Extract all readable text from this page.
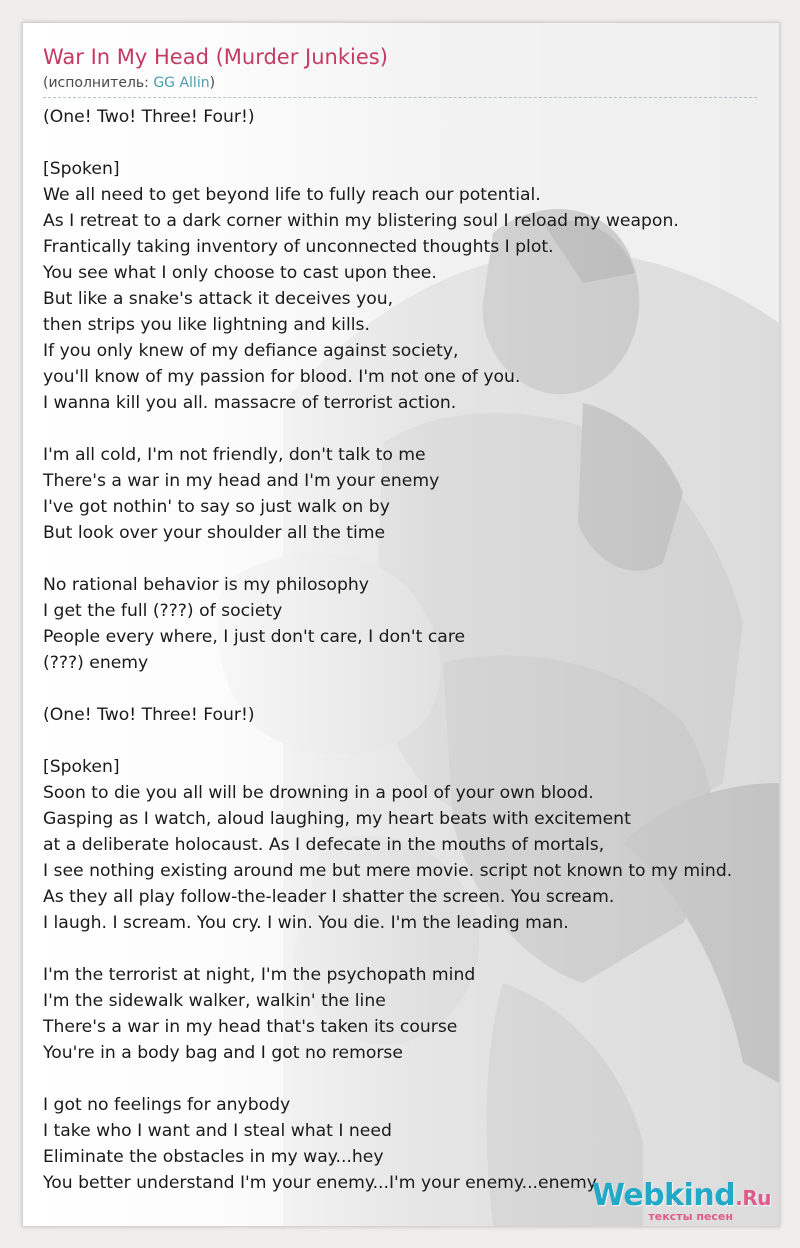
War In My Head (Murder Junkies)
(исполнитель: GG Allin)
(One! Two! Three! Four!)
[Spoken]
We all need to get beyond life to fully reach our potential.
As I retreat to a dark corner within my blistering soul I reload my weapon.
Frantically taking inventory of unconnected thoughts I plot.
You see what I only choose to cast upon thee.
But like a snake's attack it deceives you,
then strips you like lightning and kills.
If you only knew of my defiance against society,
you'll know of my passion for blood. I'm not one of you.
I wanna kill you all. massacre of terrorist action.
I'm all cold, I'm not friendly, don't talk to me
There's a war in my head and I'm your enemy
I've got nothin' to say so just walk on by
But look over your shoulder all the time
No rational behavior is my philosophy
I get the full (???) of society
People every where, I just don't care, I don't care
(???) enemy
(One! Two! Three! Four!)
[Spoken]
Soon to die you all will be drowning in a pool of your own blood.
Gasping as I watch, aloud laughing, my heart beats with excitement
at a deliberate holocaust. As I defecate in the mouths of mortals,
I see nothing existing around me but mere movie. script not known to my mind.
As they all play follow-the-leader I shatter the screen. You scream.
I laugh. I scream. You cry. I win. You die. I'm the leading man.
I'm the terrorist at night, I'm the psychopath mind
I'm the sidewalk walker, walkin' the line
There's a war in my head that's taken its course
You're in a body bag and I got no remorse
I got no feelings for anybody
I take who I want and I steal what I need
Eliminate the obstacles in my way...hey
You better understand I'm your enemy...I'm your enemy...enemy
Webkind.Ru
тексты песен
